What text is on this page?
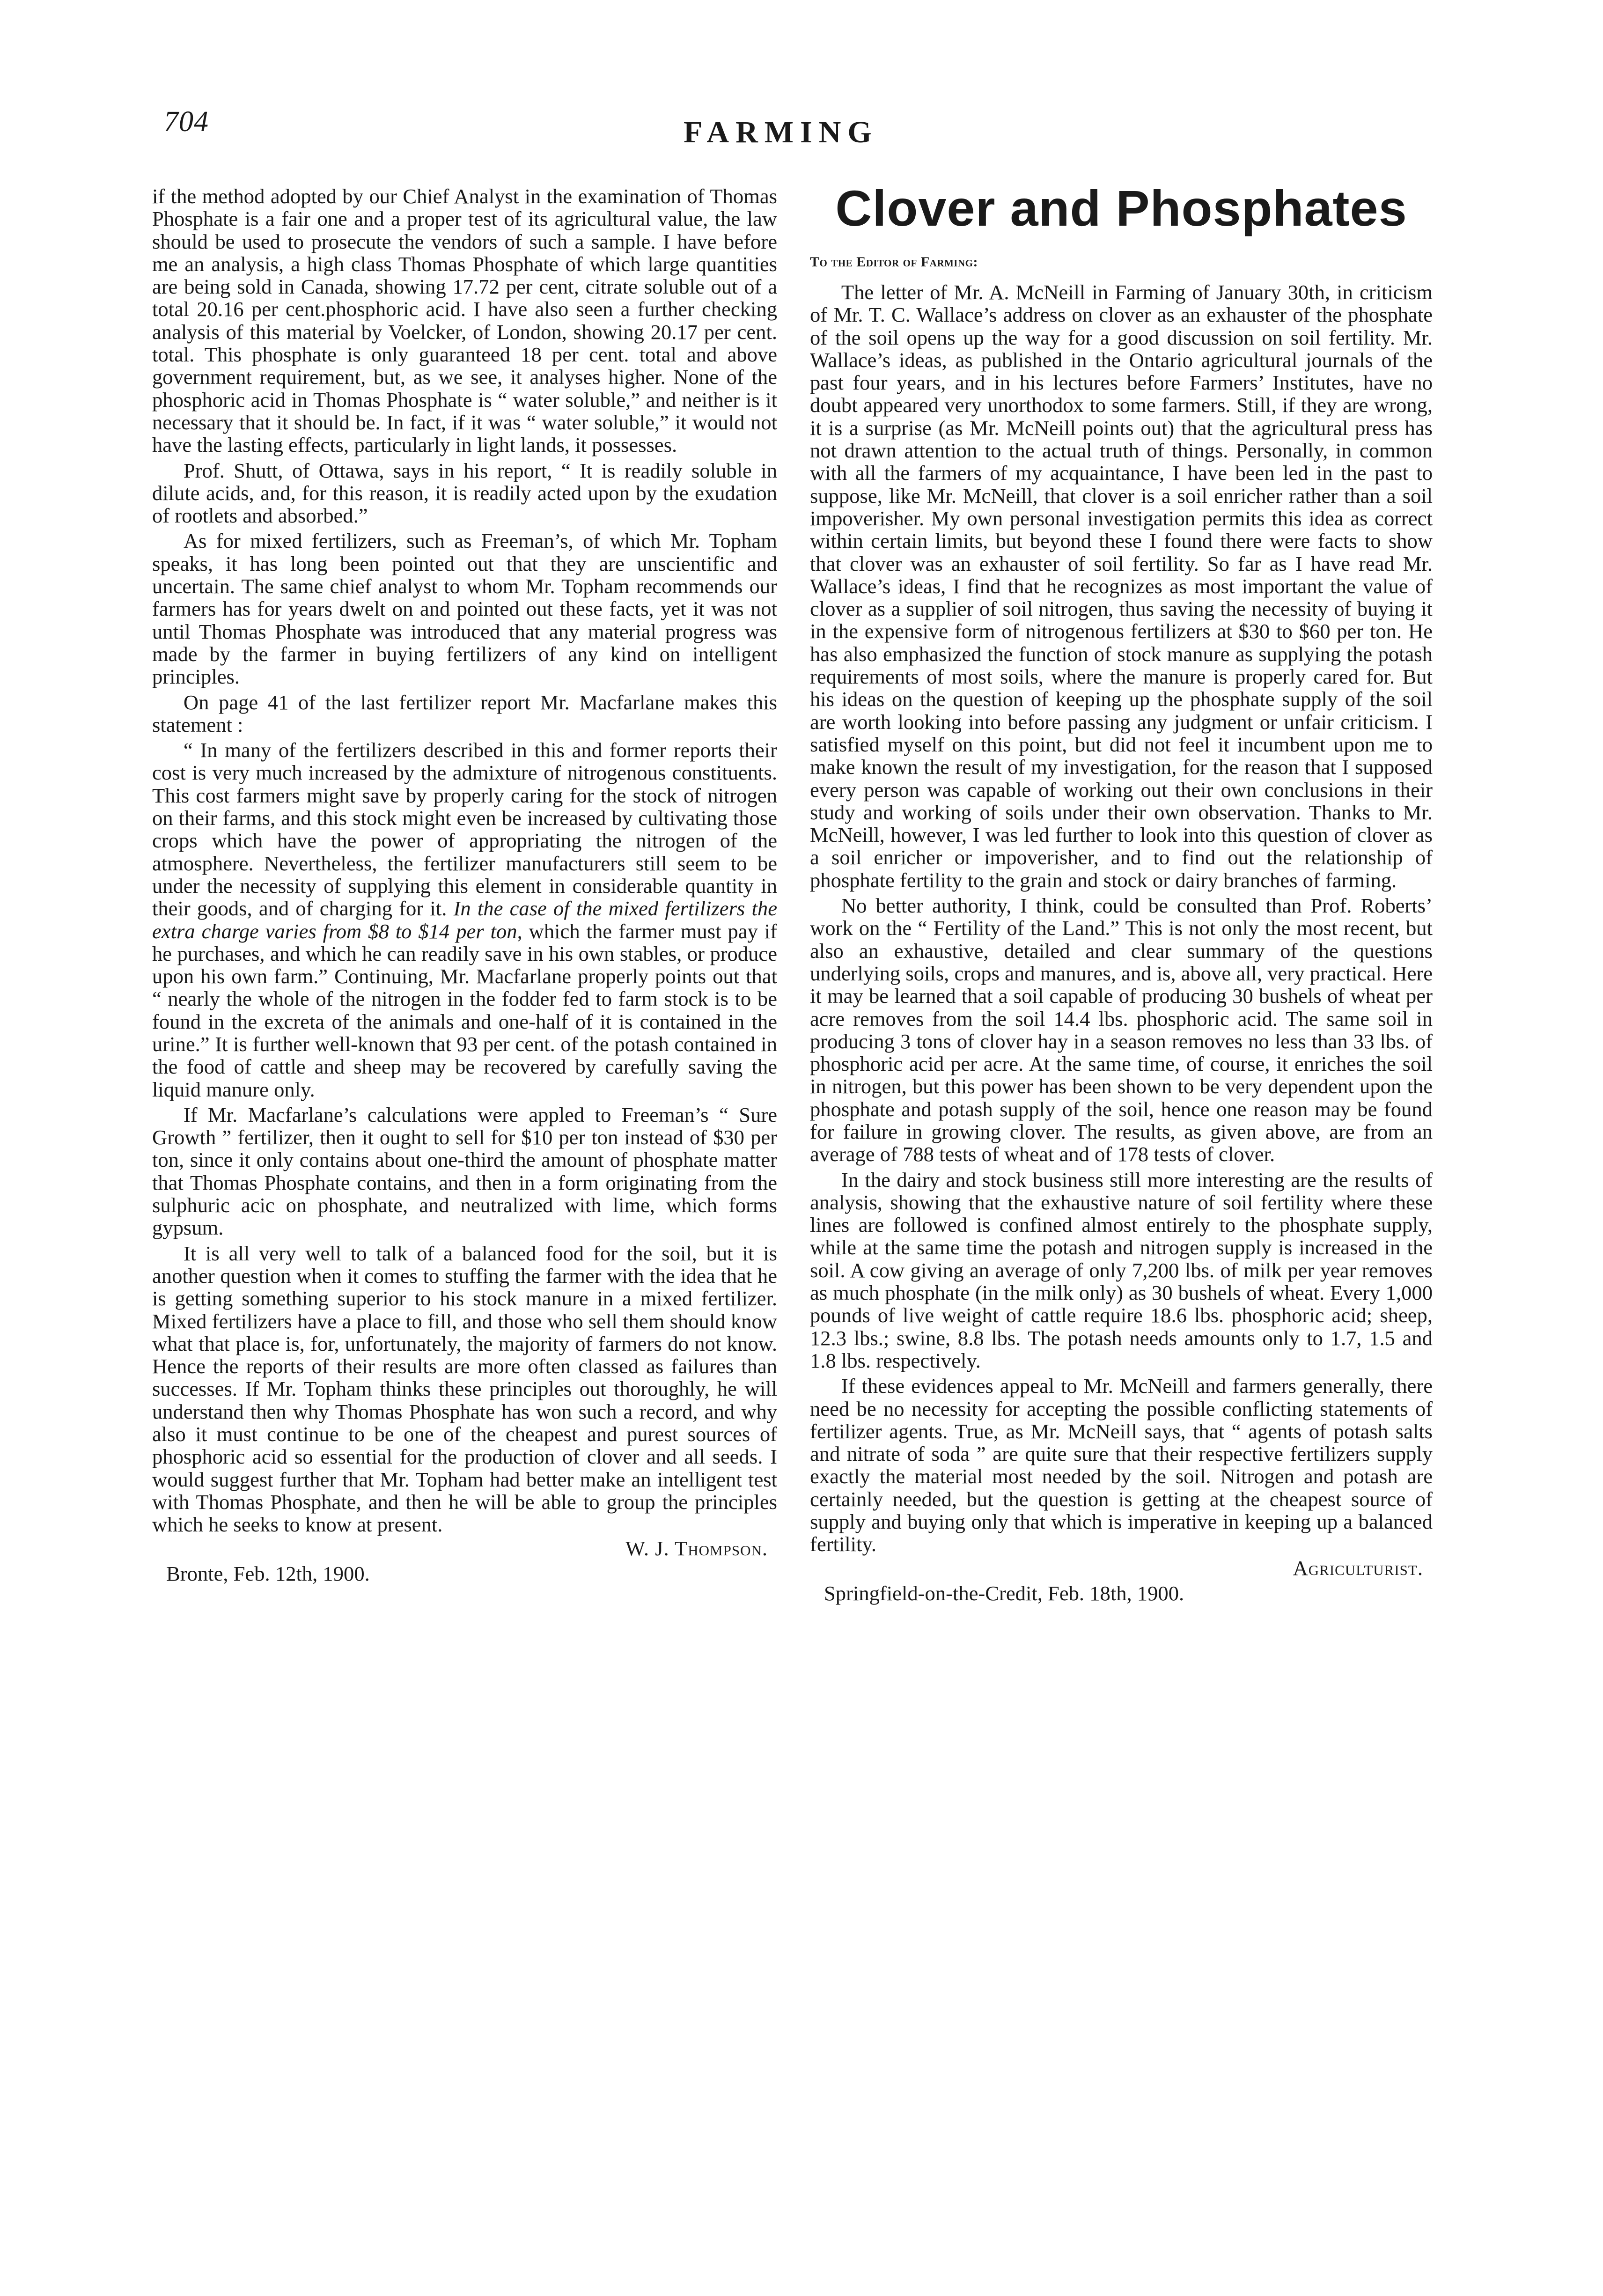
704	FARMING

if the method adopted by our Chief Analyst in the examination of Thomas Phosphate is a fair one and a proper test of its agricultural value, the law should be used to prosecute the vendors of such a sample. I have before me an analysis, a high class Thomas Phosphate of which large quantities are being sold in Canada, showing 17.72 per cent, citrate soluble out of a total 20.16 per cent.phosphoric acid. I have also seen a further checking analysis of this material by Voelcker, of London, showing 20.17 per cent. total. This phosphate is only guaranteed 18 per cent. total and above government requirement, but, as we see, it analyses higher. None of the phosphoric acid in Thomas Phosphate is “ water soluble,” and neither is it necessary that it should be. In fact, if it was “ water soluble,” it would not have the lasting effects, particularly in light lands, it possesses.

Prof. Shutt, of Ottawa, says in his report, “ It is readily soluble in dilute acids, and, for this reason, it is readily acted upon by the exudation of rootlets and absorbed.”

As for mixed fertilizers, such as Freeman’s, of which Mr. Topham speaks, it has long been pointed out that they are unscientific and uncertain. The same chief analyst to whom Mr. Topham recommends our farmers has for years dwelt on and pointed out these facts, yet it was not until Thomas Phosphate was introduced that any material progress was made by the farmer in buying fertilizers of any kind on intelligent principles.

On page 41 of the last fertilizer report Mr. Macfarlane makes this statement :

“ In many of the fertilizers described in this and former reports their cost is very much increased by the admixture of nitrogenous constituents. This cost farmers might save by properly caring for the stock of nitrogen on their farms, and this stock might even be increased by cultivating those crops which have the power of appropriating the nitrogen of the atmosphere. Nevertheless, the fertilizer manufacturers still seem to be under the necessity of supplying this element in considerable quantity in their goods, and of charging for it. In the case of the mixed fertilizers the extra charge varies from $8 to $14 per ton, which the farmer must pay if he purchases, and which he can readily save in his own stables, or produce upon his own farm.” Continuing, Mr. Macfarlane properly points out that “ nearly the whole of the nitrogen in the fodder fed to farm stock is to be found in the excreta of the animals and one-half of it is contained in the urine.” It is further well-known that 93 per cent. of the potash contained in the food of cattle and sheep may be recovered by carefully saving the liquid manure only.

If Mr. Macfarlane’s calculations were appled to Freeman’s “ Sure Growth ” fertilizer, then it ought to sell for $10 per ton instead of $30 per ton, since it only contains about one-third the amount of phosphate matter that Thomas Phosphate contains, and then in a form originating from the sulphuric acic on phosphate, and neutralized with lime, which forms gypsum.

It is all very well to talk of a balanced food for the soil, but it is another question when it comes to stuffing the farmer with the idea that he is getting something superior to his stock manure in a mixed fertilizer. Mixed fertilizers have a place to fill, and those who sell them should know what that place is, for, unfortunately, the majority of farmers do not know. Hence the reports of their results are more often classed as failures than successes. If Mr. Topham thinks these principles out thoroughly, he will understand then why Thomas Phosphate has won such a record, and why also it must continue to be one of the cheapest and purest sources of phosphoric acid so essential for the production of clover and all seeds. I would suggest further that Mr. Topham had better make an intelligent test with Thomas Phosphate, and then he will be able to group the principles which he seeks to know at present.

W. J. Thompson.
Bronte, Feb. 12th, 1900.
Clover and Phosphates
To the Editor of Farming:

The letter of Mr. A. McNeill in Farming of January 30th, in criticism of Mr. T. C. Wallace’s address on clover as an exhauster of the phosphate of the soil opens up the way for a good discussion on soil fertility. Mr. Wallace’s ideas, as published in the Ontario agricultural journals of the past four years, and in his lectures before Farmers’ Institutes, have no doubt appeared very unorthodox to some farmers. Still, if they are wrong, it is a surprise (as Mr. McNeill points out) that the agricultural press has not drawn attention to the actual truth of things. Personally, in common with all the farmers of my acquaintance, I have been led in the past to suppose, like Mr. McNeill, that clover is a soil enricher rather than a soil impoverisher. My own personal investigation permits this idea as correct within certain limits, but beyond these I found there were facts to show that clover was an exhauster of soil fertility. So far as I have read Mr. Wallace’s ideas, I find that he recognizes as most important the value of clover as a supplier of soil nitrogen, thus saving the necessity of buying it in the expensive form of nitrogenous fertilizers at $30 to $60 per ton. He has also emphasized the function of stock manure as supplying the potash requirements of most soils, where the manure is properly cared for. But his ideas on the question of keeping up the phosphate supply of the soil are worth looking into before passing any judgment or unfair criticism. I satisfied myself on this point, but did not feel it incumbent upon me to make known the result of my investigation, for the reason that I supposed every person was capable of working out their own conclusions in their study and working of soils under their own observation. Thanks to Mr. McNeill, however, I was led further to look into this question of clover as a soil enricher or impoverisher, and to find out the relationship of phosphate fertility to the grain and stock or dairy branches of farming.

No better authority, I think, could be consulted than Prof. Roberts’ work on the “ Fertility of the Land.” This is not only the most recent, but also an exhaustive, detailed and clear summary of the questions underlying soils, crops and manures, and is, above all, very practical. Here it may be learned that a soil capable of producing 30 bushels of wheat per acre removes from the soil 14.4 lbs. phosphoric acid. The same soil in producing 3 tons of clover hay in a season removes no less than 33 lbs. of phosphoric acid per acre. At the same time, of course, it enriches the soil in nitrogen, but this power has been shown to be very dependent upon the phosphate and potash supply of the soil, hence one reason may be found for failure in growing clover. The results, as given above, are from an average of 788 tests of wheat and of 178 tests of clover.

In the dairy and stock business still more interesting are the results of analysis, showing that the exhaustive nature of soil fertility where these lines are followed is confined almost entirely to the phosphate supply, while at the same time the potash and nitrogen supply is increased in the soil. A cow giving an average of only 7,200 lbs. of milk per year removes as much phosphate (in the milk only) as 30 bushels of wheat. Every 1,000 pounds of live weight of cattle require 18.6 lbs. phosphoric acid; sheep, 12.3 lbs.; swine, 8.8 lbs. The potash needs amounts only to 1.7, 1.5 and 1.8 lbs. respectively.

If these evidences appeal to Mr. McNeill and farmers generally, there need be no necessity for accepting the possible conflicting statements of fertilizer agents. True, as Mr. McNeill says, that “ agents of potash salts and nitrate of soda ” are quite sure that their respective fertilizers supply exactly the material most needed by the soil. Nitrogen and potash are certainly needed, but the question is getting at the cheapest source of supply and buying only that which is imperative in keeping up a balanced fertility.

Agriculturist.
Springfield-on-the-Credit, Feb. 18th, 1900.
